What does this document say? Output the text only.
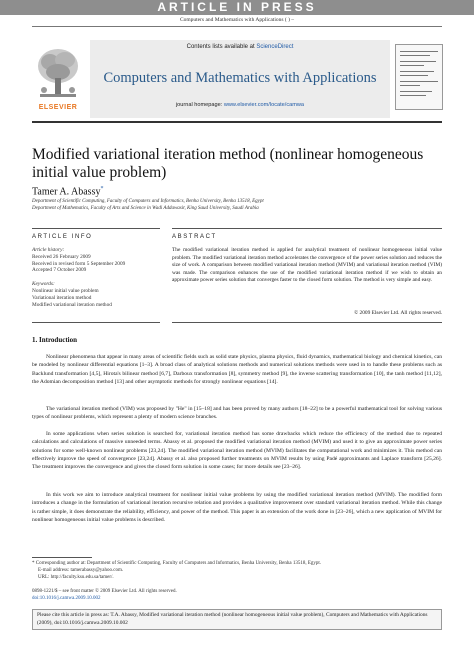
ARTICLE IN PRESS
Computers and Mathematics with Applications ( ) –
ELSEVIER
Contents lists available at ScienceDirect
Computers and Mathematics with Applications
journal homepage: www.elsevier.com/locate/camwa
Modified variational iteration method (nonlinear homogeneous initial value problem)
Tamer A. Abassy*
Department of Scientific Computing, Faculty of Computers and Informatics, Benha University, Benha 13518, Egypt
Department of Mathematics, Faculty of Arts and Science in Wadi Addawasir, King Saud University, Saudi Arabia
ARTICLE INFO	ABSTRACT
Article history:
Received 26 February 2009
Received in revised form 5 September 2009
Accepted 7 October 2009
Keywords:
Nonlinear initial value problem
Variational iteration method
Modified variational iteration method
The modified variational iteration method is applied for analytical treatment of nonlinear homogeneous initial value problem. The modified variational iteration method accelerates the convergence of the power series solution and reduces the size of work. A comparison between modified variational iteration method (MVIM) and variational iteration method (VIM) was made. The comparison enhances the use of the modified variational iteration method if we wish to obtain an approximate power series solution that converges faster to the closed form solution. The method is very simple and easy.
© 2009 Elsevier Ltd. All rights reserved.
1. Introduction
Nonlinear phenomena that appear in many areas of scientific fields such as solid state physics, plasma physics, fluid dynamics, mathematical biology and chemical kinetics, can be modeled by nonlinear differential equations [1–3]. A broad class of analytical solutions methods and numerical solutions methods were used in to handle these problems such as Backlund transformation [4,5], Hirota's bilinear method [6,7], Darboux transformation [8], symmetry method [9], the inverse scattering transformation [10], the tanh method [11,12], the Adomian decomposition method [13] and other asymptotic methods for strongly nonlinear equations [14].
The variational iteration method (VIM) was proposed by "He" in [15–18] and has been proved by many authors [18–22] to be a powerful mathematical tool for solving various types of nonlinear problems, which represent a plenty of modern science branches.
In some applications when series solution is searched for, variational iteration method has some drawbacks which reduce the efficiency of the method due to repeated calculations and calculations of massive unneeded terms. Abassy et al. proposed the modified variational iteration method (MVIM) and used it to give an approximate power series solutions for some well-known nonlinear problems [23,24]. The modified variational iteration method (MVIM) facilitates the computational work and minimizes it. This method can effectively improve the speed of convergence [23,24]. Abassy et al. also proposed further treatments on MVIM results by using Padé approximants and Laplace transform [25,26]. The treatment improves the convergence and gives the closed form solution in some cases; for more details see [23–26].
In this work we aim to introduce analytical treatment for nonlinear initial value problems by using the modified variational iteration method (MVIM). The modified form introduces a change in the formulation of variational iteration recursive relation and provides a qualitative improvement over standard variational iteration method. While this change is rather simple, it does demonstrate the reliability, efficiency, and power of the method. This paper is an extension of the work done in [23–26], which a new application of MVIM for nonlinear homogeneous initial value problems is described.
* Corresponding author at: Department of Scientific Computing, Faculty of Computers and Informatics, Benha University, Benha 13518, Egypt.
E-mail address: tamerabassy@yahoo.com.
URL: http://faculty.ksu.edu.sa/tamer/.
0898-1221/$ – see front matter © 2009 Elsevier Ltd. All rights reserved.
doi:10.1016/j.camwa.2009.10.002
Please cite this article in press as: T.A. Abassy, Modified variational iteration method (nonlinear homogeneous initial value problem), Computers and Mathematics with Applications (2009), doi:10.1016/j.camwa.2009.10.002
